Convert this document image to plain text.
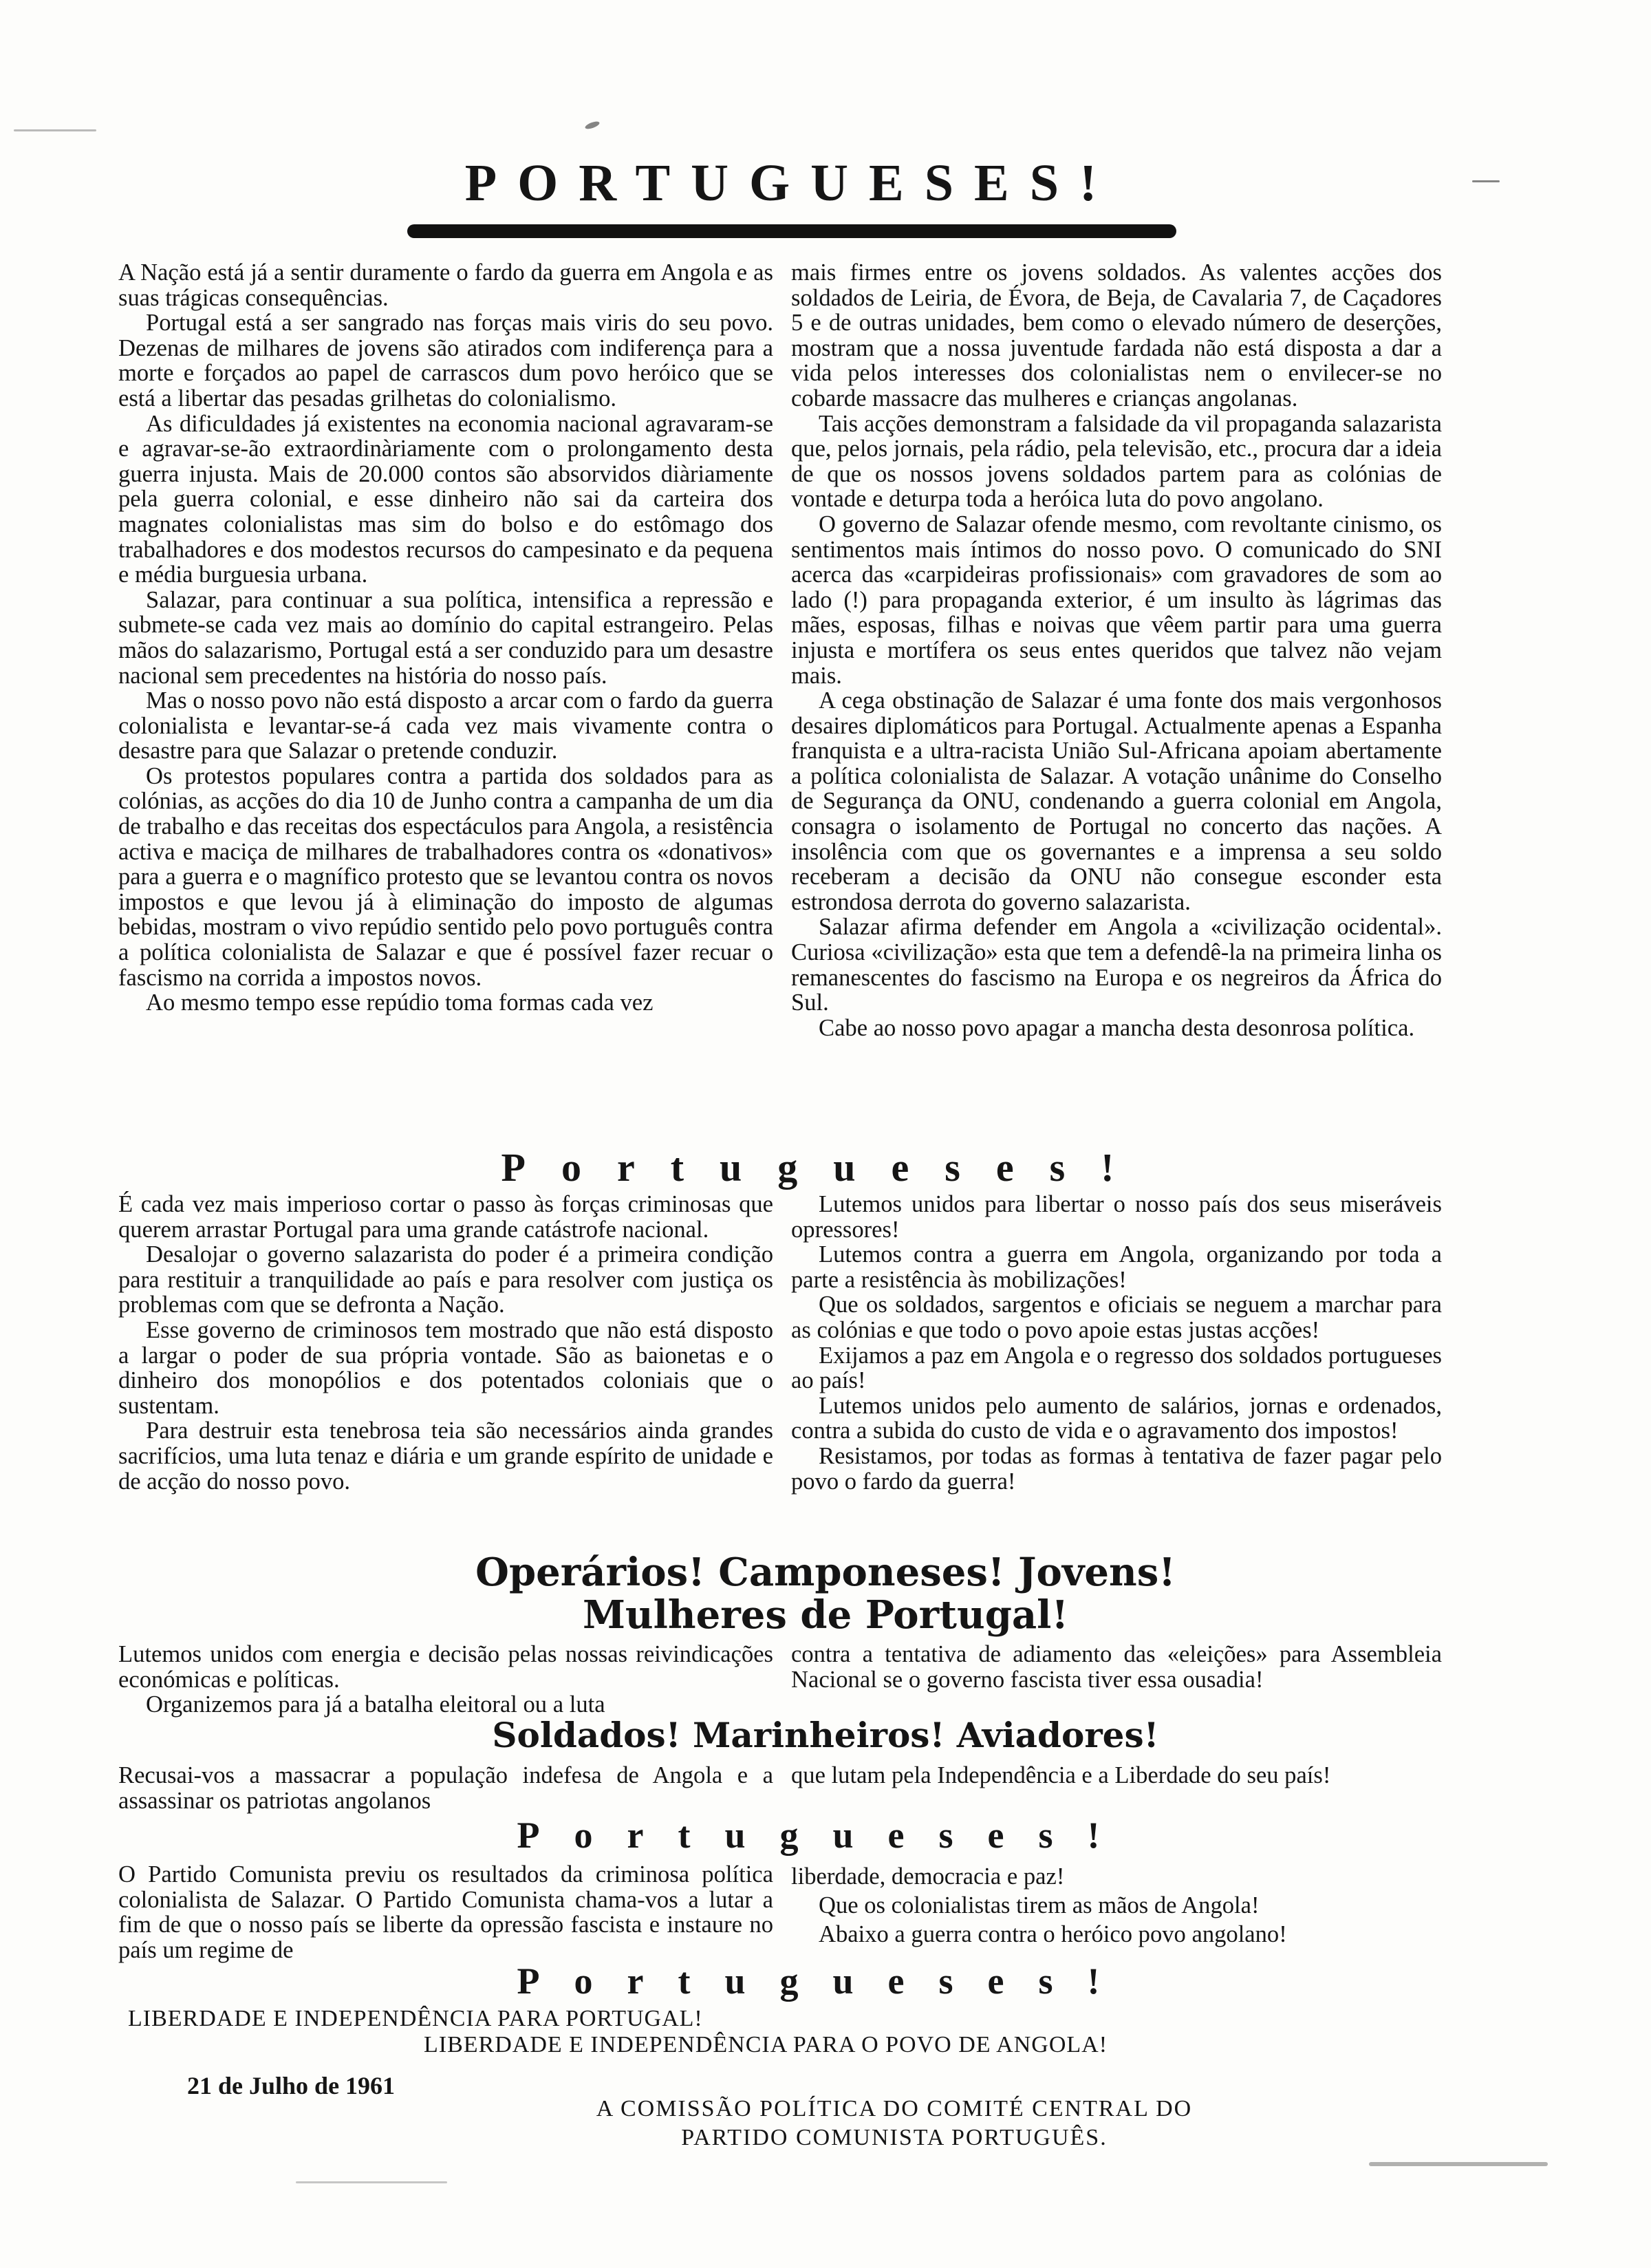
PORTUGUESES!

A Nação está já a sentir duramente o fardo da guerra em Angola e as suas trágicas consequências.

Portugal está a ser sangrado nas forças mais viris do seu povo. Dezenas de milhares de jovens são atirados com indiferença para a morte e forçados ao papel de carrascos dum povo heróico que se está a libertar das pesadas grilhetas do colonialismo.

As dificuldades já existentes na economia nacional agravaram-se e agravar-se-ão extraordinàriamente com o prolongamento desta guerra injusta. Mais de 20.000 contos são absorvidos diàriamente pela guerra colonial, e esse dinheiro não sai da carteira dos magnates colonialistas mas sim do bolso e do estômago dos trabalhadores e dos modestos recursos do campesinato e da pequena e média burguesia urbana.

Salazar, para continuar a sua política, intensifica a repressão e submete-se cada vez mais ao domínio do capital estrangeiro. Pelas mãos do salazarismo, Portugal está a ser conduzido para um desastre nacional sem precedentes na história do nosso país.

Mas o nosso povo não está disposto a arcar com o fardo da guerra colonialista e levantar-se-á cada vez mais vivamente contra o desastre para que Salazar o pretende conduzir.

Os protestos populares contra a partida dos soldados para as colónias, as acções do dia 10 de Junho contra a campanha de um dia de trabalho e das receitas dos espectáculos para Angola, a resistência activa e maciça de milhares de trabalhadores contra os «donativos» para a guerra e o magnífico protesto que se levantou contra os novos impostos e que levou já à eliminação do imposto de algumas bebidas, mostram o vivo repúdio sentido pelo povo português contra a política colonialista de Salazar e que é possível fazer recuar o fascismo na corrida a impostos novos.

Ao mesmo tempo esse repúdio toma formas cada vez

mais firmes entre os jovens soldados. As valentes acções dos soldados de Leiria, de Évora, de Beja, de Cavalaria 7, de Caçadores 5 e de outras unidades, bem como o elevado número de deserções, mostram que a nossa juventude fardada não está disposta a dar a vida pelos interesses dos colonialistas nem o envilecer-se no cobarde massacre das mulheres e crianças angolanas.

Tais acções demonstram a falsidade da vil propaganda salazarista que, pelos jornais, pela rádio, pela televisão, etc., procura dar a ideia de que os nossos jovens soldados partem para as colónias de vontade e deturpa toda a heróica luta do povo angolano.

O governo de Salazar ofende mesmo, com revoltante cinismo, os sentimentos mais íntimos do nosso povo. O comunicado do SNI acerca das «carpideiras profissionais» com gravadores de som ao lado (!) para propaganda exterior, é um insulto às lágrimas das mães, esposas, filhas e noivas que vêem partir para uma guerra injusta e mortífera os seus entes queridos que talvez não vejam mais.

A cega obstinação de Salazar é uma fonte dos mais vergonhosos desaires diplomáticos para Portugal. Actualmente apenas a Espanha franquista e a ultra-racista União Sul-Africana apoiam abertamente a política colonialista de Salazar. A votação unânime do Conselho de Segurança da ONU, condenando a guerra colonial em Angola, consagra o isolamento de Portugal no concerto das nações. A insolência com que os governantes e a imprensa a seu soldo receberam a decisão da ONU não consegue esconder esta estrondosa derrota do governo salazarista.

Salazar afirma defender em Angola a «civilização ocidental». Curiosa «civilização» esta que tem a defendê-la na primeira linha os remanescentes do fascismo na Europa e os negreiros da África do Sul.

Cabe ao nosso povo apagar a mancha desta desonrosa política.

Portugueses!

É cada vez mais imperioso cortar o passo às forças criminosas que querem arrastar Portugal para uma grande catástrofe nacional.

Desalojar o governo salazarista do poder é a primeira condição para restituir a tranquilidade ao país e para resolver com justiça os problemas com que se defronta a Nação.

Esse governo de criminosos tem mostrado que não está disposto a largar o poder de sua própria vontade. São as baionetas e o dinheiro dos monopólios e dos potentados coloniais que o sustentam.

Para destruir esta tenebrosa teia são necessários ainda grandes sacrifícios, uma luta tenaz e diária e um grande espírito de unidade e de acção do nosso povo.

Lutemos unidos para libertar o nosso país dos seus miseráveis opressores!

Lutemos contra a guerra em Angola, organizando por toda a parte a resistência às mobilizações!

Que os soldados, sargentos e oficiais se neguem a marchar para as colónias e que todo o povo apoie estas justas acções!

Exijamos a paz em Angola e o regresso dos soldados portugueses ao país!

Lutemos unidos pelo aumento de salários, jornas e ordenados, contra a subida do custo de vida e o agravamento dos impostos!

Resistamos, por todas as formas à tentativa de fazer pagar pelo povo o fardo da guerra!

Operários! Camponeses! Jovens!
Mulheres de Portugal!

Lutemos unidos com energia e decisão pelas nossas reivindicações económicas e políticas.

Organizemos para já a batalha eleitoral ou a luta

contra a tentativa de adiamento das «eleições» para Assembleia Nacional se o governo fascista tiver essa ousadia!

Soldados! Marinheiros! Aviadores!

Recusai-vos a massacrar a população indefesa de Angola e a assassinar os patriotas angolanos

que lutam pela Independência e a Liberdade do seu país!

Portugueses!

O Partido Comunista previu os resultados da criminosa política colonialista de Salazar. O Partido Comunista chama-vos a lutar a fim de que o nosso país se liberte da opressão fascista e instaure no país um regime de

liberdade, democracia e paz!

Que os colonialistas tirem as mãos de Angola!

Abaixo a guerra contra o heróico povo angolano!

Portugueses!
LIBERDADE E INDEPENDÊNCIA PARA PORTUGAL!
LIBERDADE E INDEPENDÊNCIA PARA O POVO DE ANGOLA!
21 de Julho de 1961
A COMISSÃO POLÍTICA DO COMITÉ CENTRAL DO
PARTIDO COMUNISTA PORTUGUÊS.
